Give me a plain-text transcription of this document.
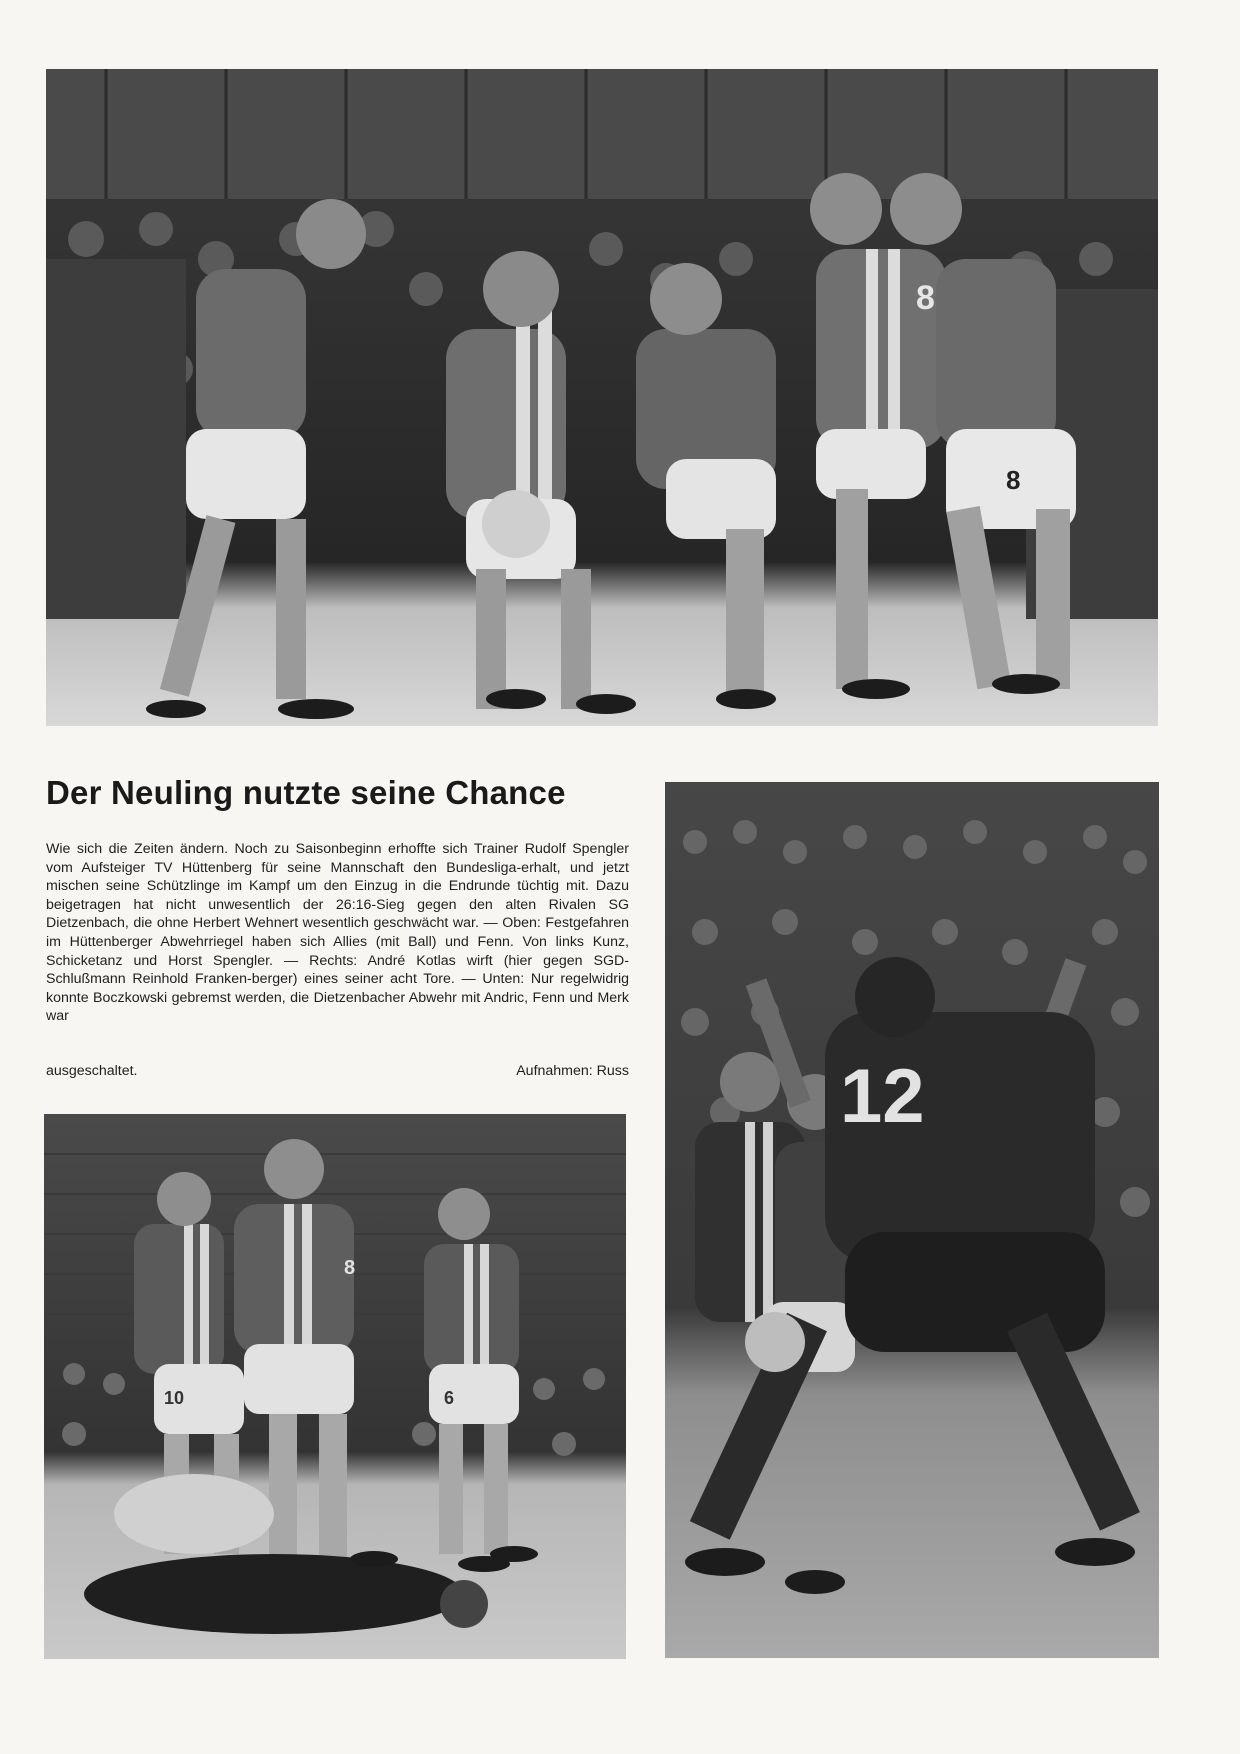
8
8
Der Neuling nutzte seine Chance

Wie sich die Zeiten ändern. Noch zu Saisonbeginn erhoffte sich Trainer Rudolf Spengler vom Aufsteiger TV Hüttenberg für seine Mannschaft den Bundesliga-erhalt, und jetzt mischen seine Schützlinge im Kampf um den Einzug in die Endrunde tüchtig mit. Dazu beigetragen hat nicht unwesentlich der 26:16-Sieg gegen den alten Rivalen SG Dietzenbach, die ohne Herbert Wehnert wesentlich geschwächt war. — Oben: Festgefahren im Hüttenberger Abwehrriegel haben sich Allies (mit Ball) und Fenn. Von links Kunz, Schicketanz und Horst Spengler. — Rechts: André Kotlas wirft (hier gegen SGD-Schlußmann Reinhold Franken-berger) eines seiner acht Tore. — Unten: Nur regelwidrig konnte Boczkowski gebremst werden, die Dietzenbacher Abwehr mit Andric, Fenn und Merk war

ausgeschaltet.	Aufnahmen: Russ	12
10
8
6
